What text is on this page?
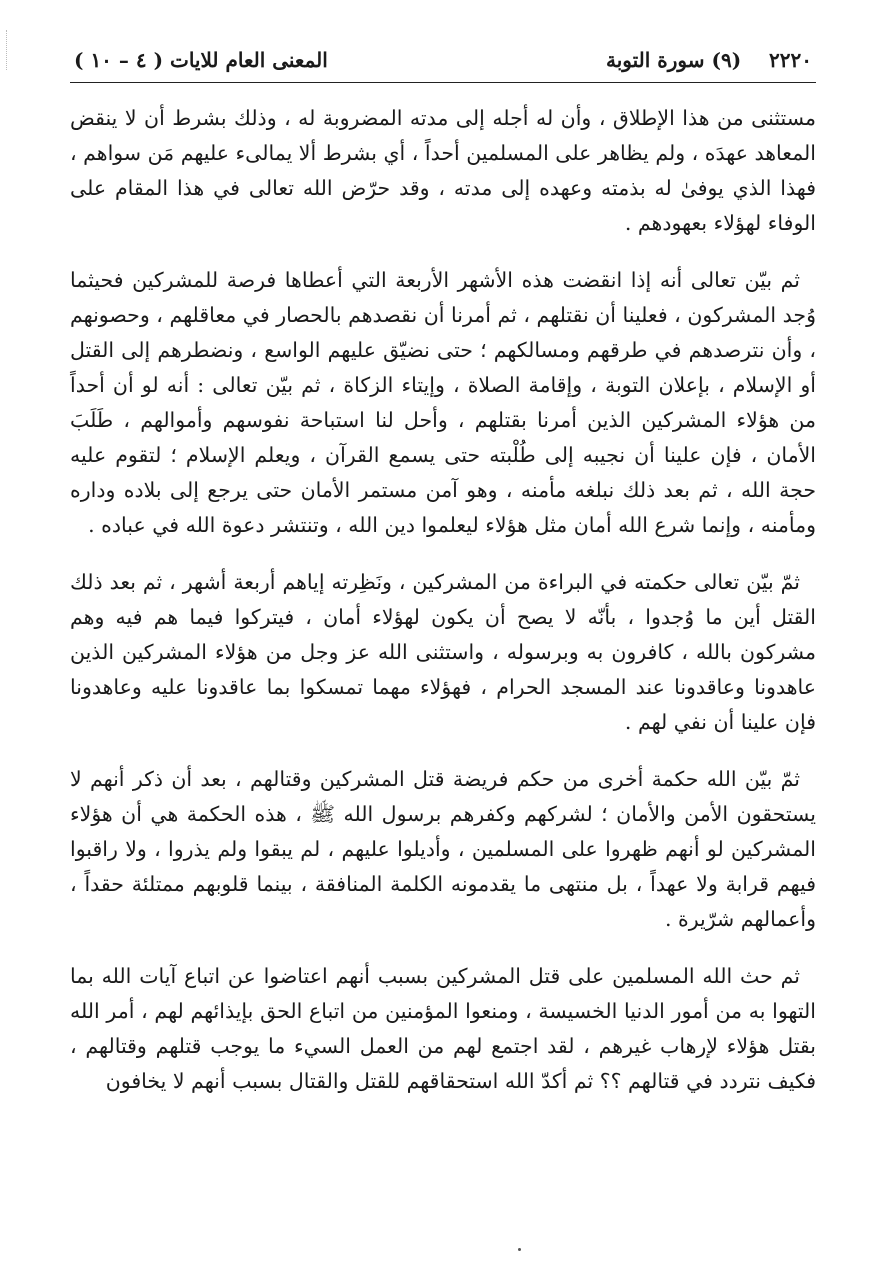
٢٢٢٠    (٩) سورة التوبة
المعنى العام للايات ( ٤ – ١٠ )

مستثنى من هذا الإطلاق ، وأن له أجله إلى مدته المضروبة له ، وذلك بشرط أن لا ينقض المعاهد عهدَه ، ولم يظاهر على المسلمين أحداً ، أي بشرط ألا يمالىء عليهم مَن سواهم ، فهذا الذي يوفىٰ له بذمته وعهده إلى مدته ، وقد حرّض الله تعالى في هذا المقام على الوفاء لهؤلاء بعهودهم .

ثم بيّن تعالى أنه إذا انقضت هذه الأشهر الأربعة التي أعطاها فرصة للمشركين فحيثما وُجد المشركون ، فعلينا أن نقتلهم ، ثم أمرنا أن نقصدهم بالحصار في معاقلهم ، وحصونهم ، وأن نترصدهم في طرقهم ومسالكهم ؛ حتى نضيّق عليهم الواسع ، ونضطرهم إلى القتل أو الإسلام ، بإعلان التوبة ، وإقامة الصلاة ، وإيتاء الزكاة ، ثم بيّن تعالى : أنه لو أن أحداً من هؤلاء المشركين الذين أمرنا بقتلهم ، وأحل لنا استباحة نفوسهم وأموالهم ، طَلَبَ الأمان ، فإن علينا أن نجيبه إلى طُلْبته حتى يسمع القرآن ، ويعلم الإسلام ؛ لتقوم عليه حجة الله ، ثم بعد ذلك نبلغه مأمنه ، وهو آمن مستمر الأمان حتى يرجع إلى بلاده وداره ومأمنه ، وإنما شرع الله أمان مثل هؤلاء ليعلموا دين الله ، وتنتشر دعوة الله في عباده .

ثمّ بيّن تعالى حكمته في البراءة من المشركين ، ونَظِرته إياهم أربعة أشهر ، ثم بعد ذلك القتل أين ما وُجدوا ، بأنّه لا يصح أن يكون لهؤلاء أمان ، فيتركوا فيما هم فيه وهم مشركون بالله ، كافرون به وبرسوله ، واستثنى الله عز وجل من هؤلاء المشركين الذين عاهدونا وعاقدونا عند المسجد الحرام ، فهؤلاء مهما تمسكوا بما عاقدونا عليه وعاهدونا فإن علينا أن نفي لهم .

ثمّ بيّن الله حكمة أخرى من حكم فريضة قتل المشركين وقتالهم ، بعد أن ذكر أنهم لا يستحقون الأمن والأمان ؛ لشركهم وكفرهم برسول الله ﷺ ، هذه الحكمة هي أن هؤلاء المشركين لو أنهم ظهروا على المسلمين ، وأديلوا عليهم ، لم يبقوا ولم يذروا ، ولا راقبوا فيهم قرابة ولا عهداً ، بل منتهى ما يقدمونه الكلمة المنافقة ، بينما قلوبهم ممتلئة حقداً ، وأعمالهم شرّيرة .

ثم حث الله المسلمين على قتل المشركين بسبب أنهم اعتاضوا عن اتباع آيات الله بما التهوا به من أمور الدنيا الخسيسة ، ومنعوا المؤمنين من اتباع الحق بإيذائهم لهم ، أمر الله بقتل هؤلاء لإرهاب غيرهم ، لقد اجتمع لهم من العمل السيء ما يوجب قتلهم وقتالهم ، فكيف نتردد في قتالهم ؟؟ ثم أكدّ الله استحقاقهم للقتل والقتال بسبب أنهم لا يخافون
